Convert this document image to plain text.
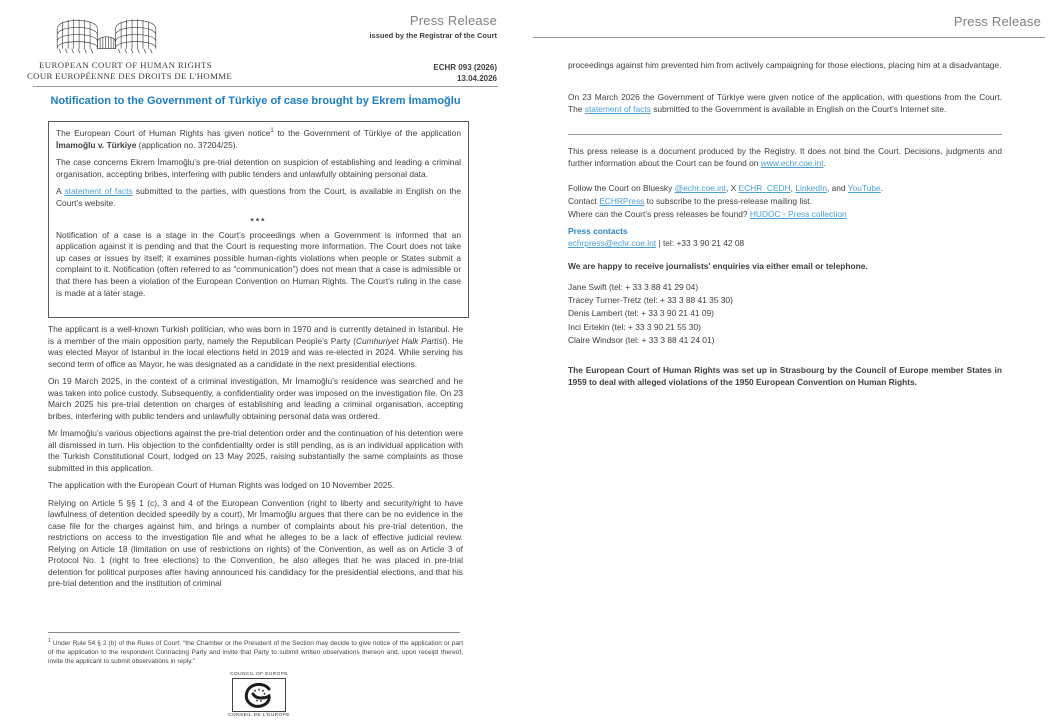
EUROPEAN COURT OF HUMAN RIGHTS
COUR EUROPÉENNE DES DROITS DE L'HOMME
Press Release
issued by the Registrar of the Court
ECHR 093 (2026)
13.04.2026
Notification to the Government of Türkiye of case brought by Ekrem İmamoğlu

The European Court of Human Rights has given notice$^1$ to the Government of Türkiye of the application İmamoğlu v. Türkiye (application no. 37204/25).

The case concerns Ekrem İmamoğlu’s pre-trial detention on suspicion of establishing and leading a criminal organisation, accepting bribes, interfering with public tenders and unlawfully obtaining personal data.

A statement of facts submitted to the parties, with questions from the Court, is available in English on the Court’s website.

***

Notification of a case is a stage in the Court’s proceedings when a Government is informed that an application against it is pending and that the Court is requesting more information. The Court does not take up cases or issues by itself; it examines possible human-rights violations when people or States submit a complaint to it. Notification (often referred to as “communication”) does not mean that a case is admissible or that there has been a violation of the European Convention on Human Rights. The Court’s ruling in the case is made at a later stage.

The applicant is a well-known Turkish politician, who was born in 1970 and is currently detained in Istanbul. He is a member of the main opposition party, namely the Republican People’s Party (Cumhuriyet Halk Partisi). He was elected Mayor of Istanbul in the local elections held in 2019 and was re-elected in 2024. While serving his second term of office as Mayor, he was designated as a candidate in the next presidential elections.

On 19 March 2025, in the context of a criminal investigation, Mr İmamoğlu’s residence was searched and he was taken into police custody. Subsequently, a confidentiality order was imposed on the investigation file. On 23 March 2025 his pre-trial detention on charges of establishing and leading a criminal organisation, accepting bribes, interfering with public tenders and unlawfully obtaining personal data was ordered.

Mr İmamoğlu’s various objections against the pre-trial detention order and the continuation of his detention were all dismissed in turn. His objection to the confidentiality order is still pending, as is an individual application with the Turkish Constitutional Court, lodged on 13 May 2025, raising substantially the same complaints as those submitted in this application.

The application with the European Court of Human Rights was lodged on 10 November 2025.

Relying on Article 5 §§ 1 (c), 3 and 4 of the European Convention (right to liberty and security/right to have lawfulness of detention decided speedily by a court), Mr İmamoğlu argues that there can be no evidence in the case file for the charges against him, and brings a number of complaints about his pre-trial detention, the restrictions on access to the investigation file and what he alleges to be a lack of effective judicial review. Relying on Article 18 (limitation on use of restrictions on rights) of the Convention, as well as on Article 3 of Protocol No. 1 (right to free elections) to the Convention, he also alleges that he was placed in pre-trial detention for political purposes after having announced his candidacy for the presidential elections, and that his pre-trial detention and the institution of criminal

$^1$ Under Rule 54 § 2 (b) of the Rules of Court: “the Chamber or the President of the Section may decide to give notice of the application or part of the application to the respondent Contracting Party and invite that Party to submit written observations thereon and, upon receipt thereof, invite the applicant to submit observations in reply.”
COUNCIL OF EUROPE
CONSEIL DE L'EUROPE
Press Release
proceedings against him prevented him from actively campaigning for those elections, placing him at a disadvantage.
On 23 March 2026 the Government of Türkiye were given notice of the application, with questions from the Court. The statement of facts submitted to the Government is available in English on the Court’s Internet site.
This press release is a document produced by the Registry. It does not bind the Court. Decisions, judgments and further information about the Court can be found on www.echr.coe.int.
Follow the Court on Bluesky @echr.coe.int, X ECHR_CEDH, LinkedIn, and YouTube.
Contact ECHRPress to subscribe to the press-release mailing list.
Where can the Court’s press releases be found? HUDOC - Press collection
Press contacts
echrpress@echr.coe.int | tel: +33 3 90 21 42 08
We are happy to receive journalists' enquiries via either email or telephone.
Jane Swift (tel: + 33 3 88 41 29 04)
Tracey Turner-Tretz (tel: + 33 3 88 41 35 30)
Denis Lambert (tel: + 33 3 90 21 41 09)
Inci Ertekin (tel: + 33 3 90 21 55 30)
Claire Windsor (tel: + 33 3 88 41 24 01)
The European Court of Human Rights was set up in Strasbourg by the Council of Europe member States in 1959 to deal with alleged violations of the 1950 European Convention on Human Rights.
